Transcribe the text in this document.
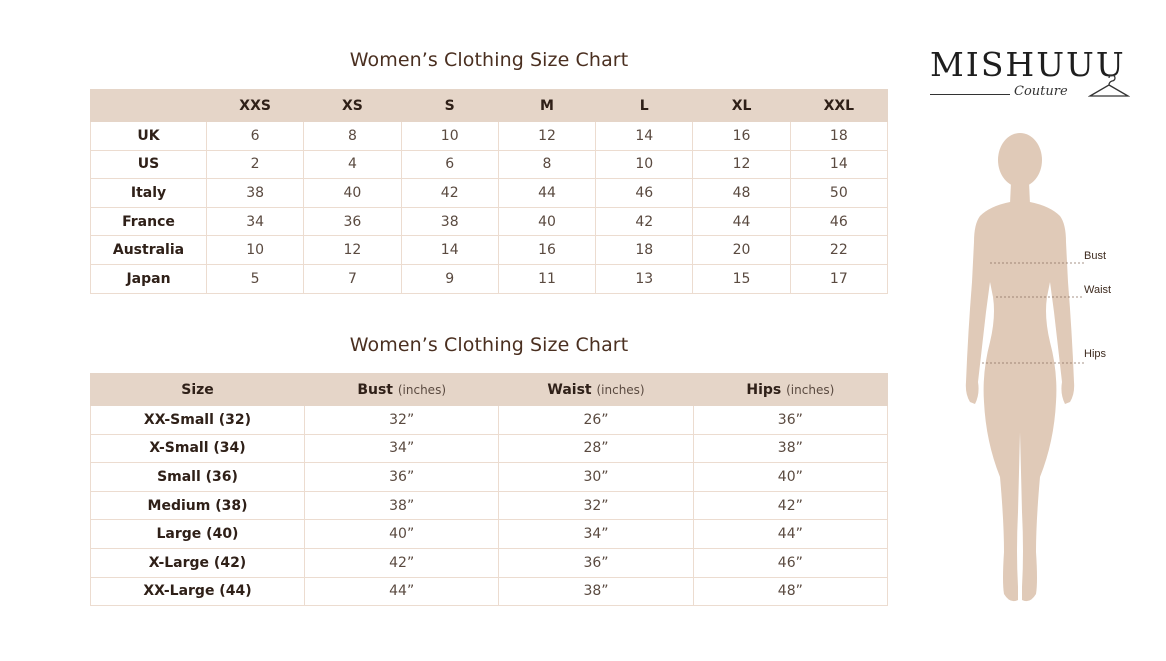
Women’s Clothing Size Chart
	XXS	XS	S	M	L	XL	XXL
UK	6	8	10	12	14	16	18
US	2	4	6	8	10	12	14
Italy	38	40	42	44	46	48	50
France	34	36	38	40	42	44	46
Australia	10	12	14	16	18	20	22
Japan	5	7	9	11	13	15	17
Women’s Clothing Size Chart
Size	Bust (inches)	Waist (inches)	Hips (inches)
XX-Small (32)	32”	26”	36”
X-Small (34)	34”	28”	38”
Small (36)	36”	30”	40”
Medium (38)	38”	32”	42”
Large (40)	40”	34”	44”
X-Large (42)	42”	36”	46”
XX-Large (44)	44”	38”	48”
MISHUUU
Couture
Bust
Waist
Hips
